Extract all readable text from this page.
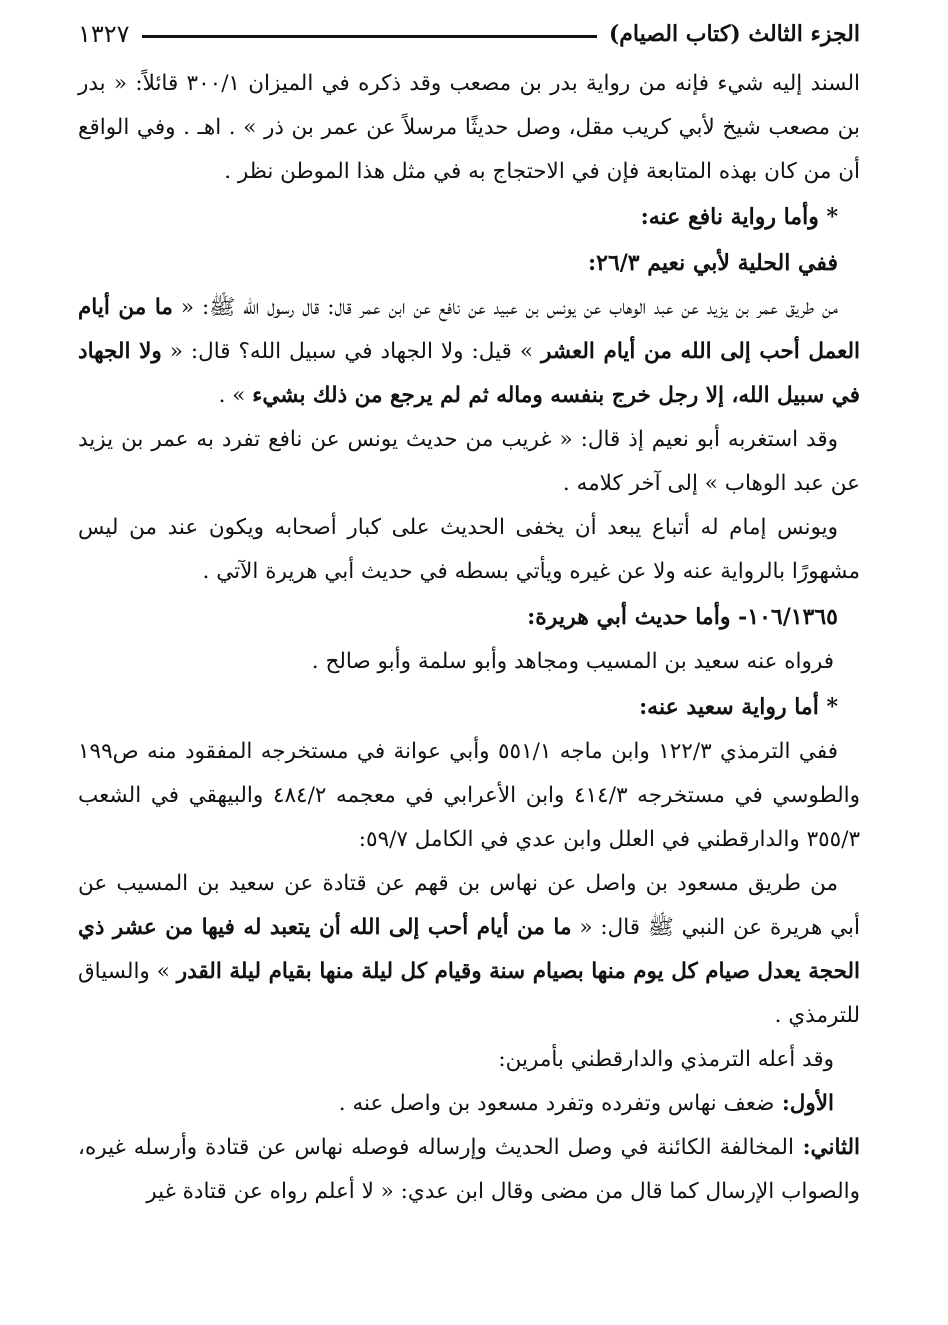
الجزء الثالث (كتاب الصيام)
١٣٢٧

السند إليه شيء فإنه من رواية بدر بن مصعب وقد ذكره في الميزان ٣٠٠/١ قائلاً: « بدر بن مصعب شيخ لأبي كريب مقل، وصل حديثًا مرسلاً عن عمر بن ذر » . اهـ . وفي الواقع أن من كان بهذه المتابعة فإن في الاحتجاج به في مثل هذا الموطن نظر .

* وأما رواية نافع عنه:
ففي الحلية لأبي نعيم ٢٦/٣:

من طريق عمر بن يزيد عن عبد الوهاب عن يونس بن عبيد عن نافع عن ابن عمر قال: قال رسول الله ﷺ: « ما من أيام العمل أحب إلى الله من أيام العشر » قيل: ولا الجهاد في سبيل الله؟ قال: « ولا الجهاد في سبيل الله، إلا رجل خرج بنفسه وماله ثم لم يرجع من ذلك بشيء » .

وقد استغربه أبو نعيم إذ قال: « غريب من حديث يونس عن نافع تفرد به عمر بن يزيد عن عبد الوهاب » إلى آخر كلامه .

ويونس إمام له أتباع يبعد أن يخفى الحديث على كبار أصحابه ويكون عند من ليس مشهورًا بالرواية عنه ولا عن غيره ويأتي بسطه في حديث أبي هريرة الآتي .

١٠٦/١٣٦٥- وأما حديث أبي هريرة:

فرواه عنه سعيد بن المسيب ومجاهد وأبو سلمة وأبو صالح .

* أما رواية سعيد عنه:

ففي الترمذي ١٢٢/٣ وابن ماجه ٥٥١/١ وأبي عوانة في مستخرجه المفقود منه ص١٩٩ والطوسي في مستخرجه ٤١٤/٣ وابن الأعرابي في معجمه ٤٨٤/٢ والبيهقي في الشعب ٣٥٥/٣ والدارقطني في العلل وابن عدي في الكامل ٥٩/٧:

من طريق مسعود بن واصل عن نهاس بن قهم عن قتادة عن سعيد بن المسيب عن أبي هريرة عن النبي ﷺ قال: « ما من أيام أحب إلى الله أن يتعبد له فيها من عشر ذي الحجة يعدل صيام كل يوم منها بصيام سنة وقيام كل ليلة منها بقيام ليلة القدر » والسياق للترمذي .

وقد أعله الترمذي والدارقطني بأمرين:

الأول: ضعف نهاس وتفرده وتفرد مسعود بن واصل عنه .

الثاني: المخالفة الكائنة في وصل الحديث وإرساله فوصله نهاس عن قتادة وأرسله غيره، والصواب الإرسال كما قال من مضى وقال ابن عدي: « لا أعلم رواه عن قتادة غير
